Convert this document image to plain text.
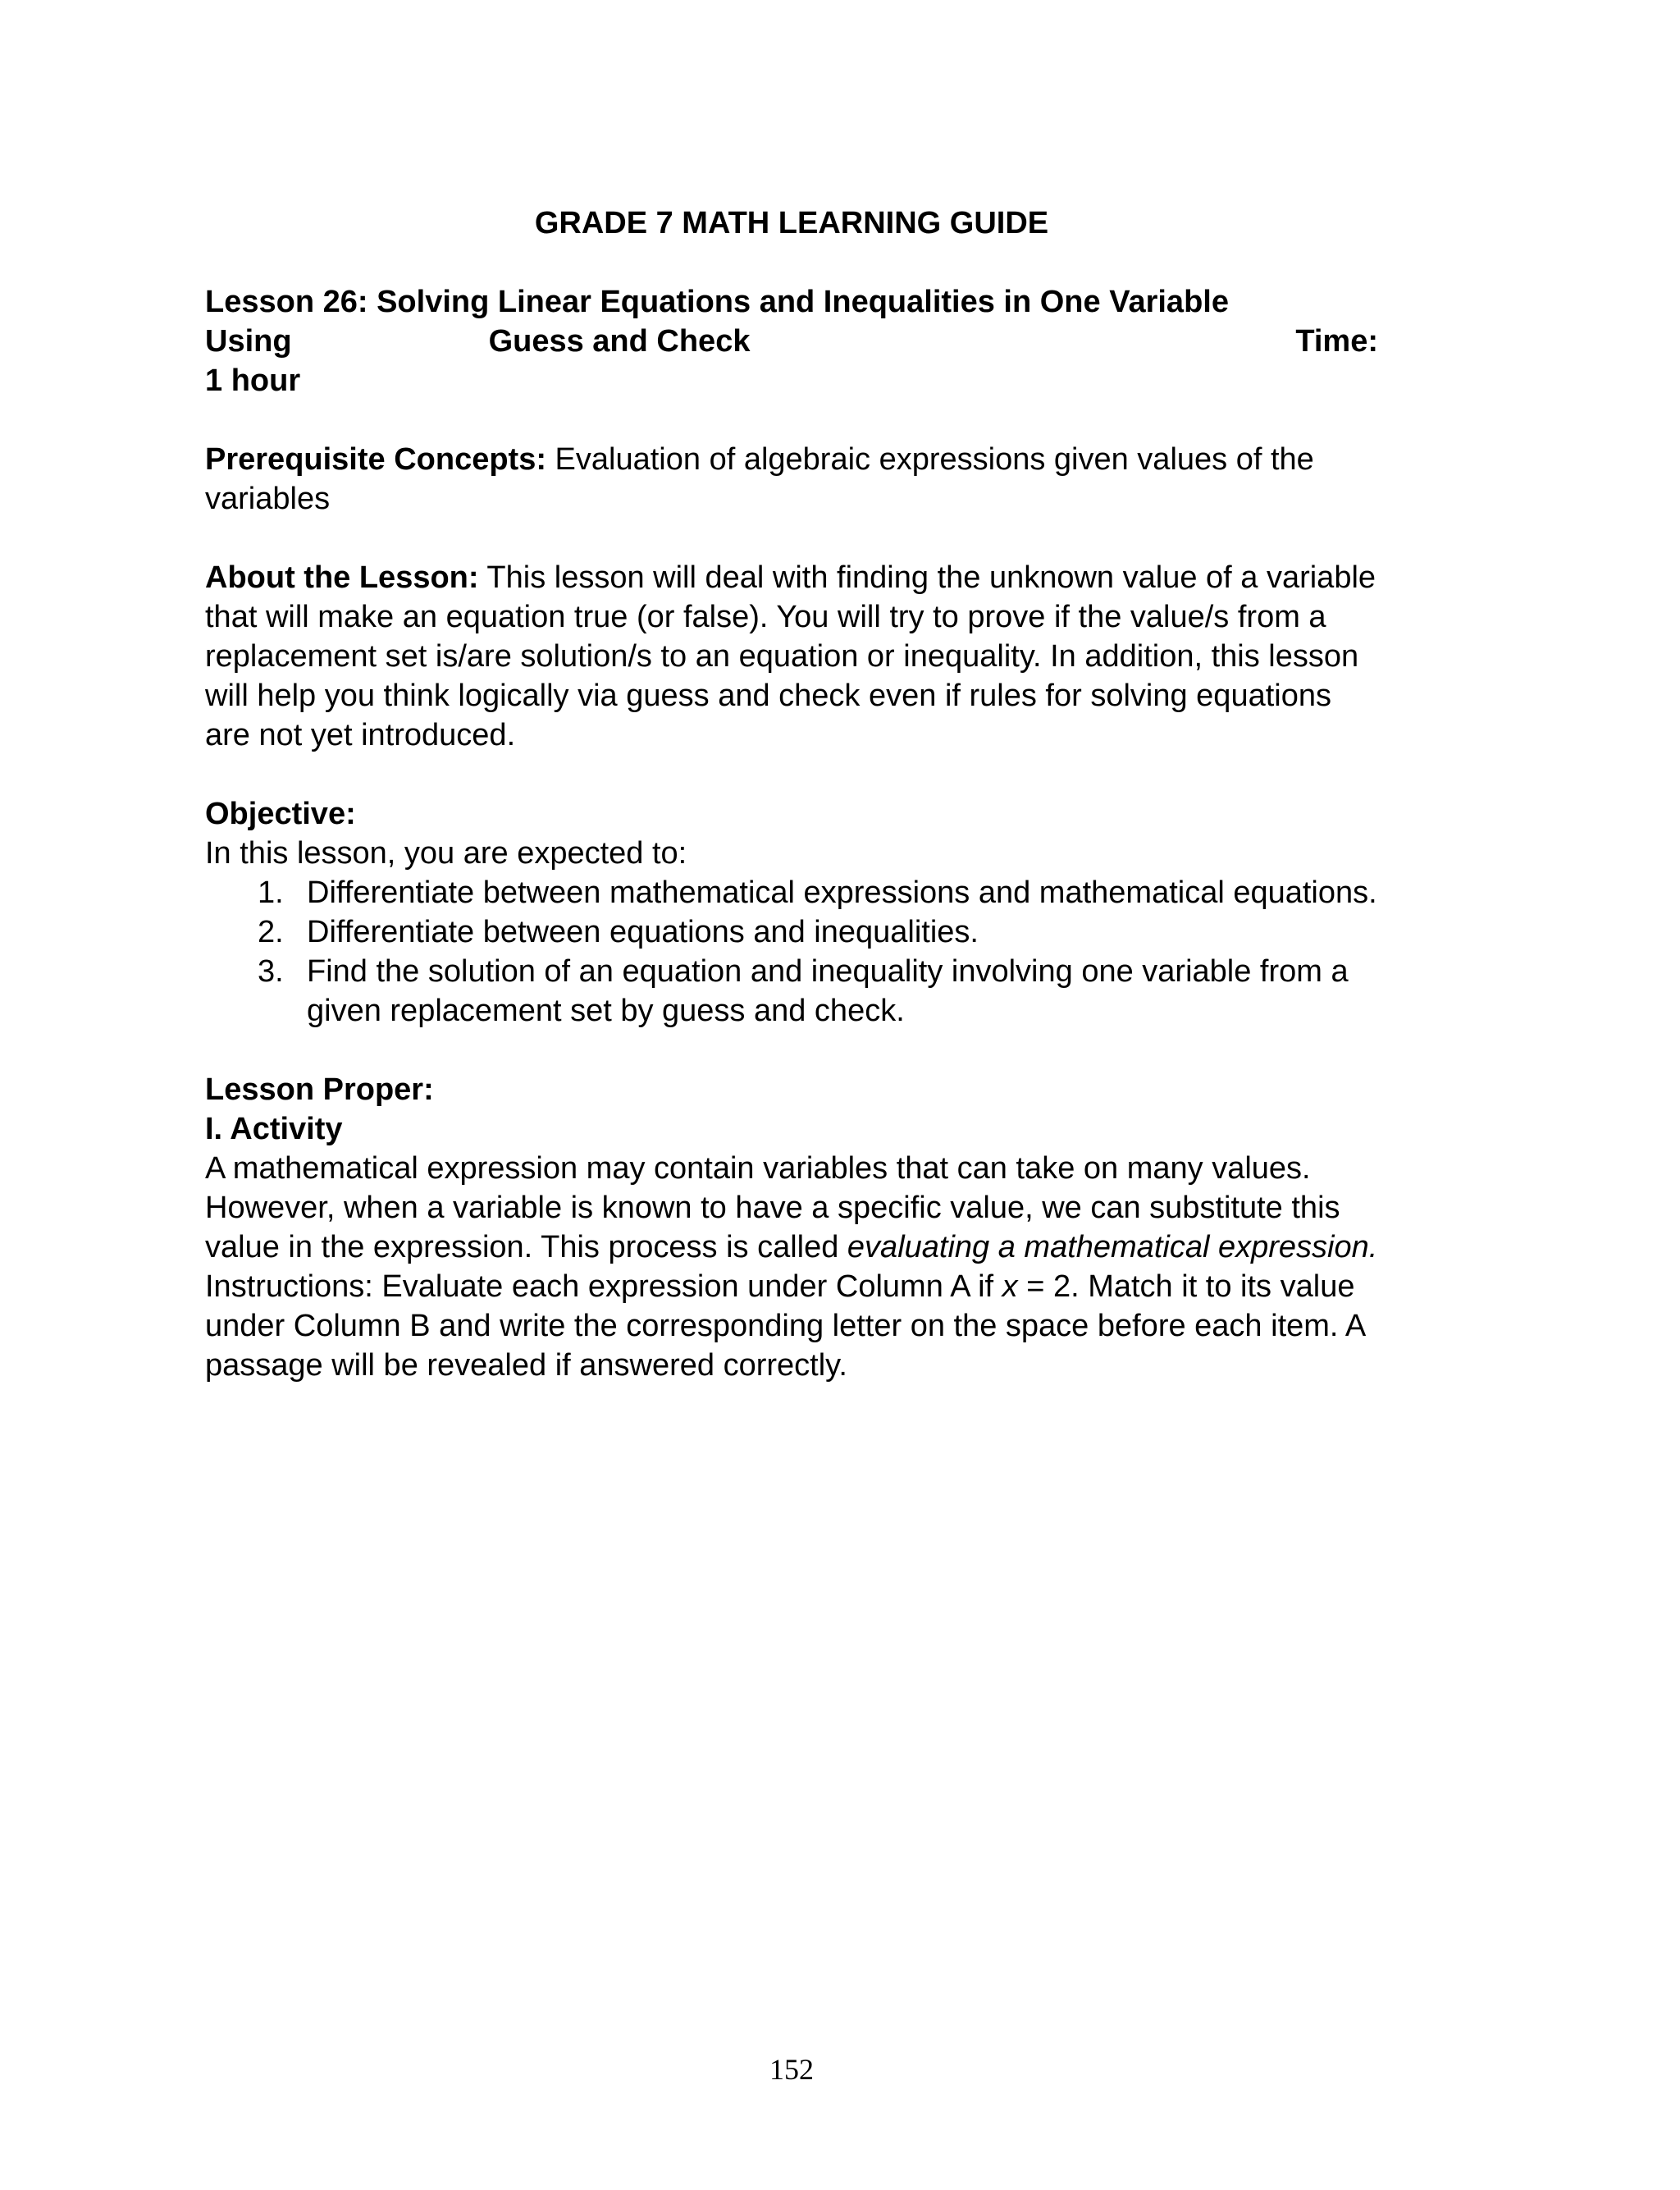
GRADE 7 MATH LEARNING GUIDE

Lesson 26: Solving Linear Equations and Inequalities in One Variable

Using	Guess and Check	Time:

1 hour

Prerequisite Concepts: Evaluation of algebraic expressions given values of the variables

About the Lesson: This lesson will deal with finding the unknown value of a variable that will make an equation true (or false). You will try to prove if the value/s from a replacement set is/are solution/s to an equation or inequality. In addition, this lesson will help you think logically via guess and check even if rules for solving equations are not yet introduced.

Objective:

In this lesson, you are expected to:

1. Differentiate between mathematical expressions and mathematical equations.
2. Differentiate between equations and inequalities.
3. Find the solution of an equation and inequality involving one variable from a given replacement set by guess and check.

Lesson Proper:

I. Activity

A mathematical expression may contain variables that can take on many values. However, when a variable is known to have a specific value, we can substitute this value in the expression. This process is called evaluating a mathematical expression. Instructions: Evaluate each expression under Column A if x = 2. Match it to its value under Column B and write the corresponding letter on the space before each item. A passage will be revealed if answered correctly.

152
